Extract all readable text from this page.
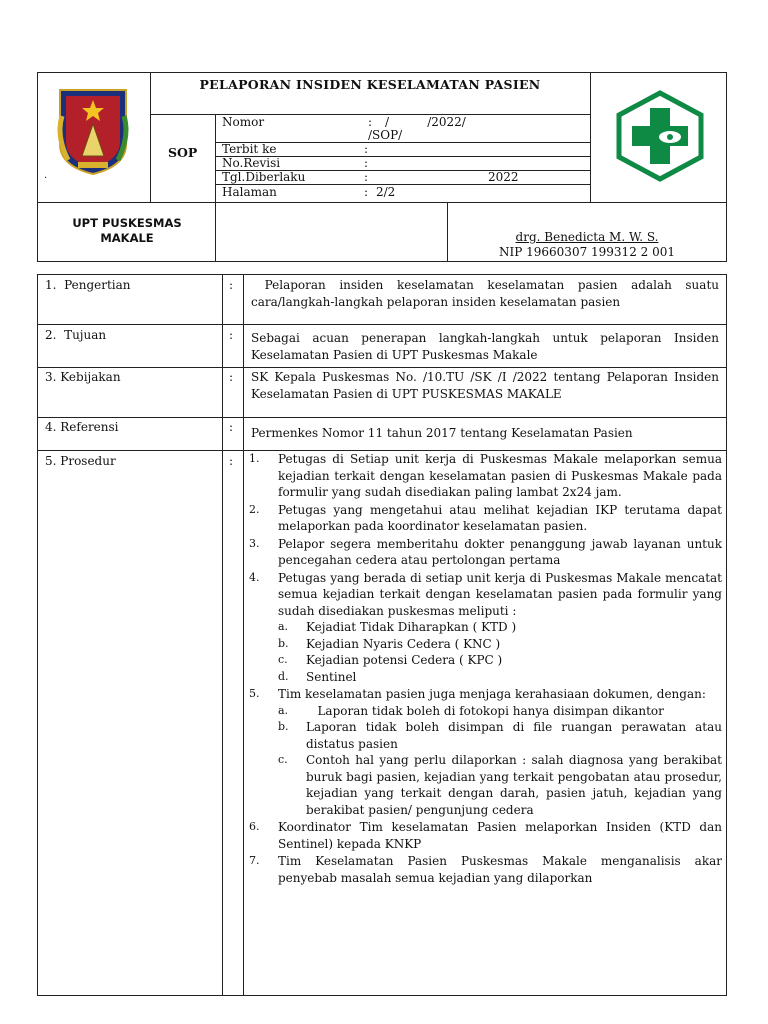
.
PELAPORAN INSIDEN KESELAMATAN PASIEN
SOP
Nomor	: /          /2022/
/SOP/
Terbit ke	:
No.Revisi	:
Tgl.Diberlaku	:	2022
Halaman	: 2/2
UPT PUSKESMAS MAKALE	drg. Benedicta M. W. S.
NIP 19660307 199312 2 001
1.  Pengertian	: Pelaporan insiden keselamatan keselamatan pasien adalah suatu cara/langkah-langkah pelaporan insiden keselamatan pasien
2.  Tujuan	: Sebagai acuan penerapan langkah-langkah untuk pelaporan Insiden Keselamatan Pasien di UPT Puskesmas Makale
3. Kebijakan	: SK Kepala Puskesmas No. /10.TU /SK /I /2022 tentang Pelaporan Insiden Keselamatan Pasien di UPT PUSKESMAS MAKALE
4. Referensi	: Permenkes Nomor 11 tahun 2017 tentang Keselamatan Pasien
5. Prosedur	: 1.	Petugas di Setiap unit kerja di Puskesmas Makale melaporkan semua kejadian terkait dengan keselamatan pasien di Puskesmas Makale pada formulir yang sudah disediakan paling lambat 2x24 jam.
2.	Petugas yang mengetahui atau melihat kejadian IKP terutama dapat melaporkan pada koordinator keselamatan pasien.
3.	Pelapor segera memberitahu dokter penanggung jawab layanan untuk pencegahan cedera atau pertolongan pertama
4.	Petugas yang berada di setiap unit kerja di Puskesmas Makale mencatat semua kejadian terkait dengan keselamatan pasien pada formulir yang sudah disediakan puskesmas meliputi :
a.	Kejadiat Tidak Diharapkan ( KTD )
b.	Kejadian Nyaris Cedera ( KNC )
c.	Kejadian potensi Cedera ( KPC )
d.	Sentinel
5.	Tim keselamatan pasien juga menjaga kerahasiaan dokumen, dengan:
a.	Laporan tidak boleh di fotokopi hanya disimpan dikantor
b.	Laporan tidak boleh disimpan di file ruangan perawatan atau distatus pasien
c.	Contoh hal yang perlu dilaporkan : salah diagnosa yang berakibat buruk bagi pasien, kejadian yang terkait pengobatan atau prosedur, kejadian yang terkait dengan darah, pasien jatuh, kejadian yang berakibat pasien/ pengunjung cedera
6.	Koordinator Tim keselamatan Pasien melaporkan Insiden (KTD dan Sentinel) kepada KNKP
7.	Tim Keselamatan Pasien Puskesmas Makale menganalisis akar penyebab masalah semua kejadian yang dilaporkan
